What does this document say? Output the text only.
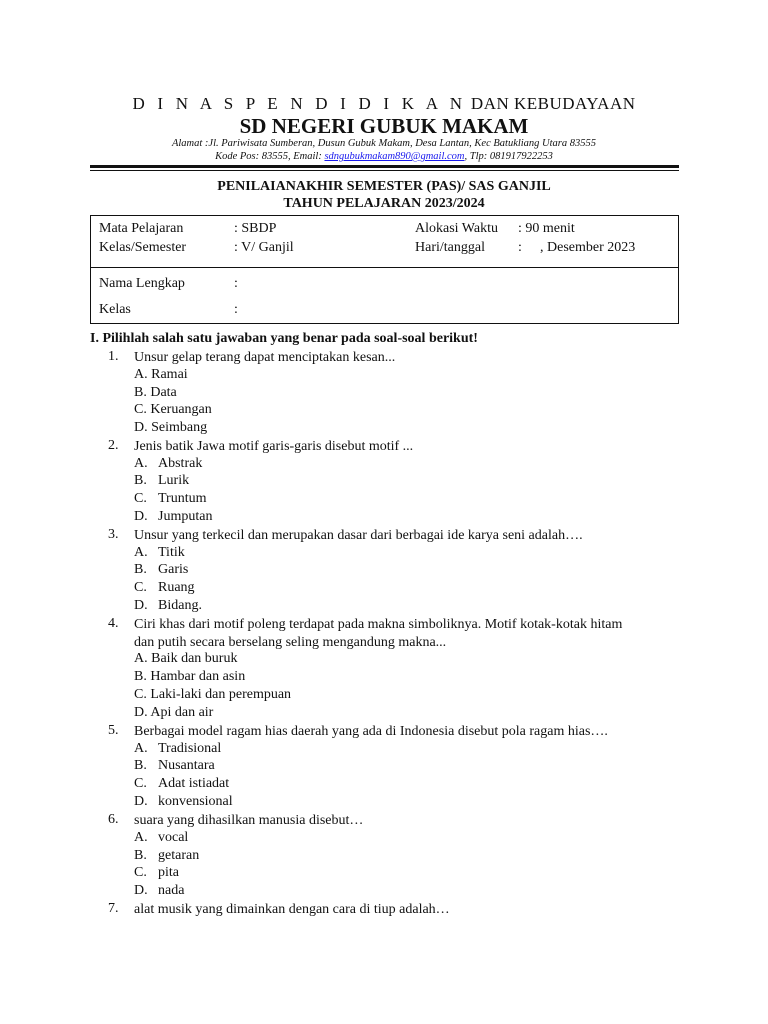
D I N A S P E N D I D I K A N DAN KEBUDAYAAN
SD NEGERI GUBUK MAKAM
Alamat :Jl. Pariwisata Sumberan, Dusun Gubuk Makam, Desa Lantan, Kec Batukliang Utara 83555
Kode Pos: 83555, Email: sdngubukmakam890@gmail.com, Tlp: 081917922253
PENILAIANAKHIR SEMESTER (PAS)/ SAS GANJIL
TAHUN PELAJARAN 2023/2024
Mata Pelajaran	: SBDP
Kelas/Semester	: V/ Ganjil
Alokasi Waktu : 90 menit
Hari/tanggal : , Desember 2023
Nama Lengkap	:
Kelas	:
I. Pilihlah salah satu jawaban yang benar pada soal-soal berikut!
1.	Unsur gelap terang dapat menciptakan kesan...
A. Ramai
B. Data
C. Keruangan
D. Seimbang
2.	Jenis batik Jawa motif garis-garis disebut motif ...
A. Abstrak
B. Lurik
C. Truntum
D. Jumputan
3.	Unsur yang terkecil dan merupakan dasar dari berbagai ide karya seni adalah….
A. Titik
B. Garis
C. Ruang
D. Bidang.
4.	Ciri khas dari motif poleng terdapat pada makna simboliknya. Motif kotak-kotak hitam
dan putih secara berselang seling mengandung makna...
A. Baik dan buruk
B. Hambar dan asin
C. Laki-laki dan perempuan
D. Api dan air
5.	Berbagai model ragam hias daerah yang ada di Indonesia disebut pola ragam hias….
A. Tradisional
B. Nusantara
C. Adat istiadat
D. konvensional
6.	suara yang dihasilkan manusia disebut…
A. vocal
B. getaran
C. pita
D. nada
7.	alat musik yang dimainkan dengan cara di tiup adalah…
